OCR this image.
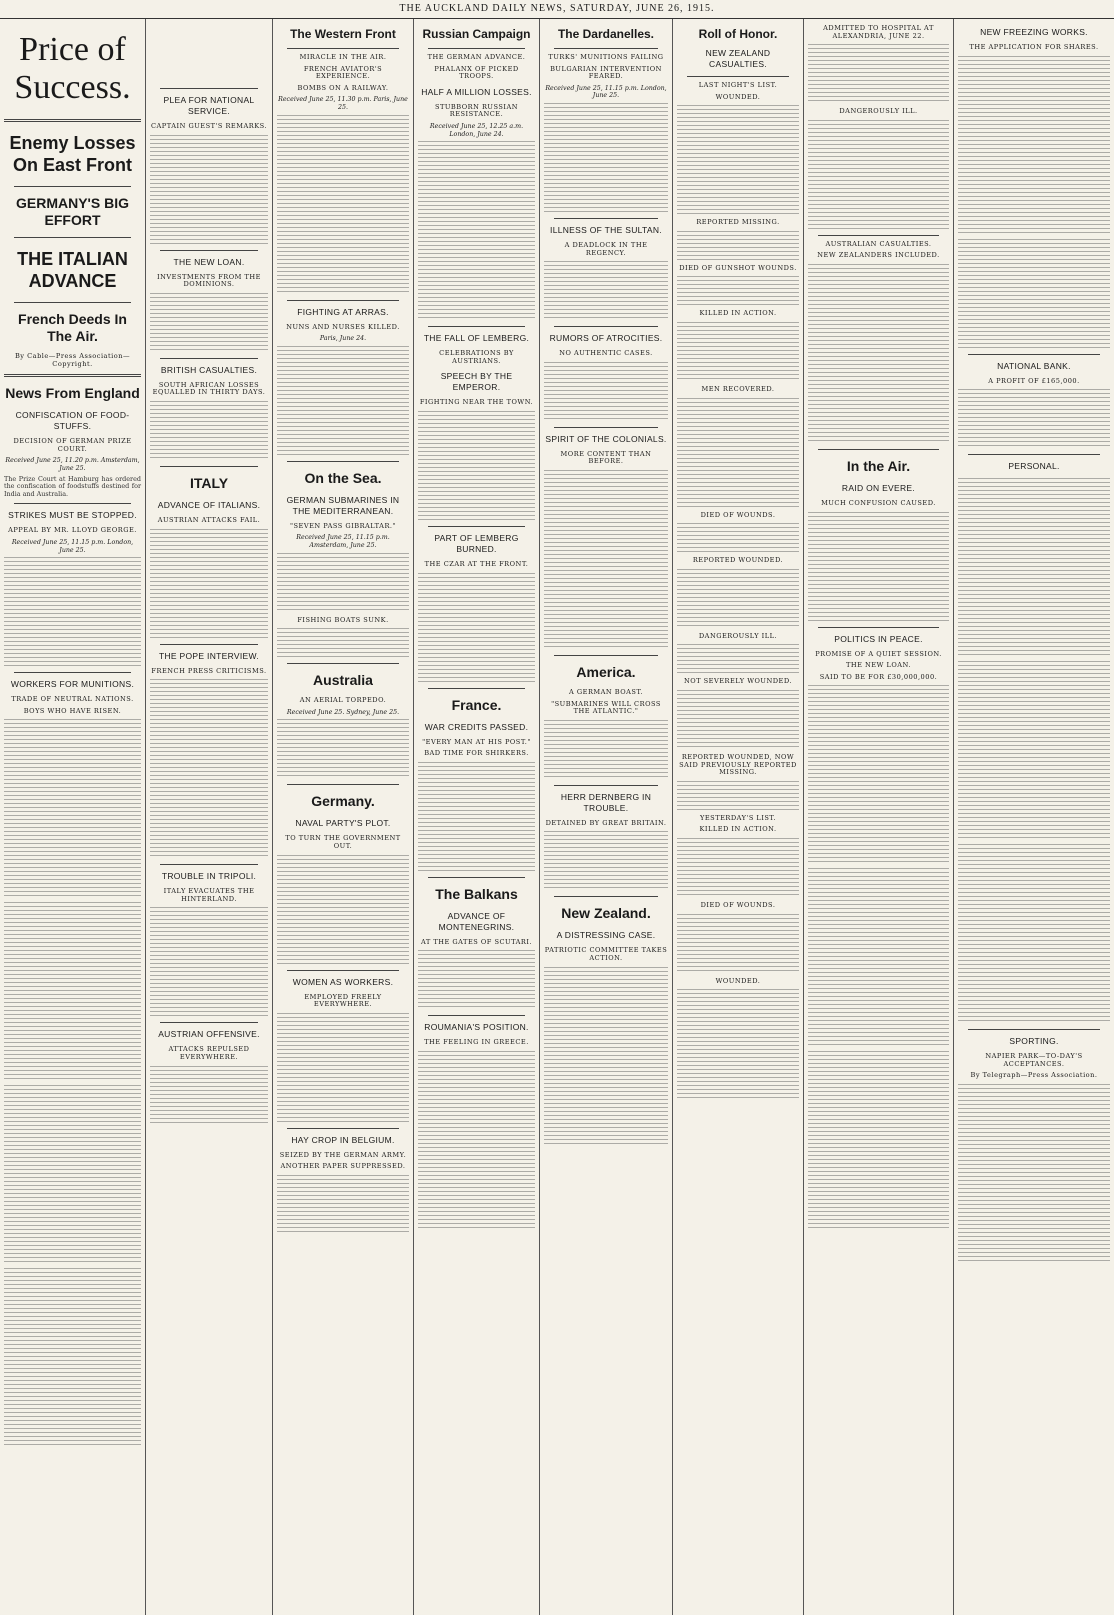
THE AUCKLAND DAILY NEWS, SATURDAY, JUNE 26, 1915.
Price of Success.
Enemy Losses On East Front
GERMANY'S BIG EFFORT
THE ITALIAN ADVANCE
French Deeds In The Air.
By Cable—Press Association—Copyright.
News From England
CONFISCATION OF FOOD-STUFFS.
DECISION OF GERMAN PRIZE COURT.
Received June 25, 11.20 p.m. Amsterdam, June 25.
The Prize Court at Hamburg has ordered the confiscation of foodstuffs destined for India and Australia.
STRIKES MUST BE STOPPED.
APPEAL BY MR. LLOYD GEORGE.
Received June 25, 11.15 p.m. London, June 25.
WORKERS FOR MUNITIONS.
TRADE OF NEUTRAL NATIONS.
BOYS WHO HAVE RISEN.
PLEA FOR NATIONAL SERVICE.
CAPTAIN GUEST'S REMARKS.
THE NEW LOAN.
INVESTMENTS FROM THE DOMINIONS.
BRITISH CASUALTIES.
SOUTH AFRICAN LOSSES EQUALLED IN THIRTY DAYS.
ITALY
ADVANCE OF ITALIANS.
AUSTRIAN ATTACKS FAIL.
THE POPE INTERVIEW.
FRENCH PRESS CRITICISMS.
TROUBLE IN TRIPOLI.
ITALY EVACUATES THE HINTERLAND.
AUSTRIAN OFFENSIVE.
ATTACKS REPULSED EVERYWHERE.
The Western Front
MIRACLE IN THE AIR.
FRENCH AVIATOR'S EXPERIENCE.
BOMBS ON A RAILWAY.
Received June 25, 11.30 p.m. Paris, June 25.
FIGHTING AT ARRAS.
NUNS AND NURSES KILLED.
Paris, June 24.
On the Sea.
GERMAN SUBMARINES IN THE MEDITERRANEAN.
"SEVEN PASS GIBRALTAR."
Received June 25, 11.15 p.m. Amsterdam, June 25.
FISHING BOATS SUNK.
Australia
AN AERIAL TORPEDO.
Received June 25. Sydney, June 25.
Germany.
NAVAL PARTY'S PLOT.
TO TURN THE GOVERNMENT OUT.
WOMEN AS WORKERS.
EMPLOYED FREELY EVERYWHERE.
HAY CROP IN BELGIUM.
SEIZED BY THE GERMAN ARMY.
ANOTHER PAPER SUPPRESSED.
Russian Campaign
THE GERMAN ADVANCE.
PHALANX OF PICKED TROOPS.
HALF A MILLION LOSSES.
STUBBORN RUSSIAN RESISTANCE.
Received June 25, 12.25 a.m. London, June 24.
THE FALL OF LEMBERG.
CELEBRATIONS BY AUSTRIANS.
SPEECH BY THE EMPEROR.
FIGHTING NEAR THE TOWN.
PART OF LEMBERG BURNED.
THE CZAR AT THE FRONT.
France.
WAR CREDITS PASSED.
"EVERY MAN AT HIS POST."
BAD TIME FOR SHIRKERS.
The Balkans
ADVANCE OF MONTENEGRINS.
AT THE GATES OF SCUTARI.
ROUMANIA'S POSITION.
THE FEELING IN GREECE.
The Dardanelles.
TURKS' MUNITIONS FAILING
BULGARIAN INTERVENTION FEARED.
Received June 25, 11.15 p.m. London, June 25.
ILLNESS OF THE SULTAN.
A DEADLOCK IN THE REGENCY.
RUMORS OF ATROCITIES.
NO AUTHENTIC CASES.
SPIRIT OF THE COLONIALS.
MORE CONTENT THAN BEFORE.
America.
A GERMAN BOAST.
"SUBMARINES WILL CROSS THE ATLANTIC."
HERR DERNBERG IN TROUBLE.
DETAINED BY GREAT BRITAIN.
New Zealand.
A DISTRESSING CASE.
PATRIOTIC COMMITTEE TAKES ACTION.
Roll of Honor.
NEW ZEALAND CASUALTIES.
LAST NIGHT'S LIST.
WOUNDED.
REPORTED MISSING.
DIED OF GUNSHOT WOUNDS.
KILLED IN ACTION.
MEN RECOVERED.
DIED OF WOUNDS.
REPORTED WOUNDED.
DANGEROUSLY ILL.
NOT SEVERELY WOUNDED.
REPORTED WOUNDED, NOW SAID PREVIOUSLY REPORTED MISSING.
YESTERDAY'S LIST.
KILLED IN ACTION.
DIED OF WOUNDS.
WOUNDED.
ADMITTED TO HOSPITAL AT ALEXANDRIA, JUNE 22.
DANGEROUSLY ILL.
AUSTRALIAN CASUALTIES.
NEW ZEALANDERS INCLUDED.
In the Air.
RAID ON EVERE.
MUCH CONFUSION CAUSED.
POLITICS IN PEACE.
PROMISE OF A QUIET SESSION.
THE NEW LOAN.
SAID TO BE FOR £30,000,000.
NEW FREEZING WORKS.
THE APPLICATION FOR SHARES.
NATIONAL BANK.
A PROFIT OF £165,000.
PERSONAL.
SPORTING.
NAPIER PARK—TO-DAY'S ACCEPTANCES.
By Telegraph—Press Association.
